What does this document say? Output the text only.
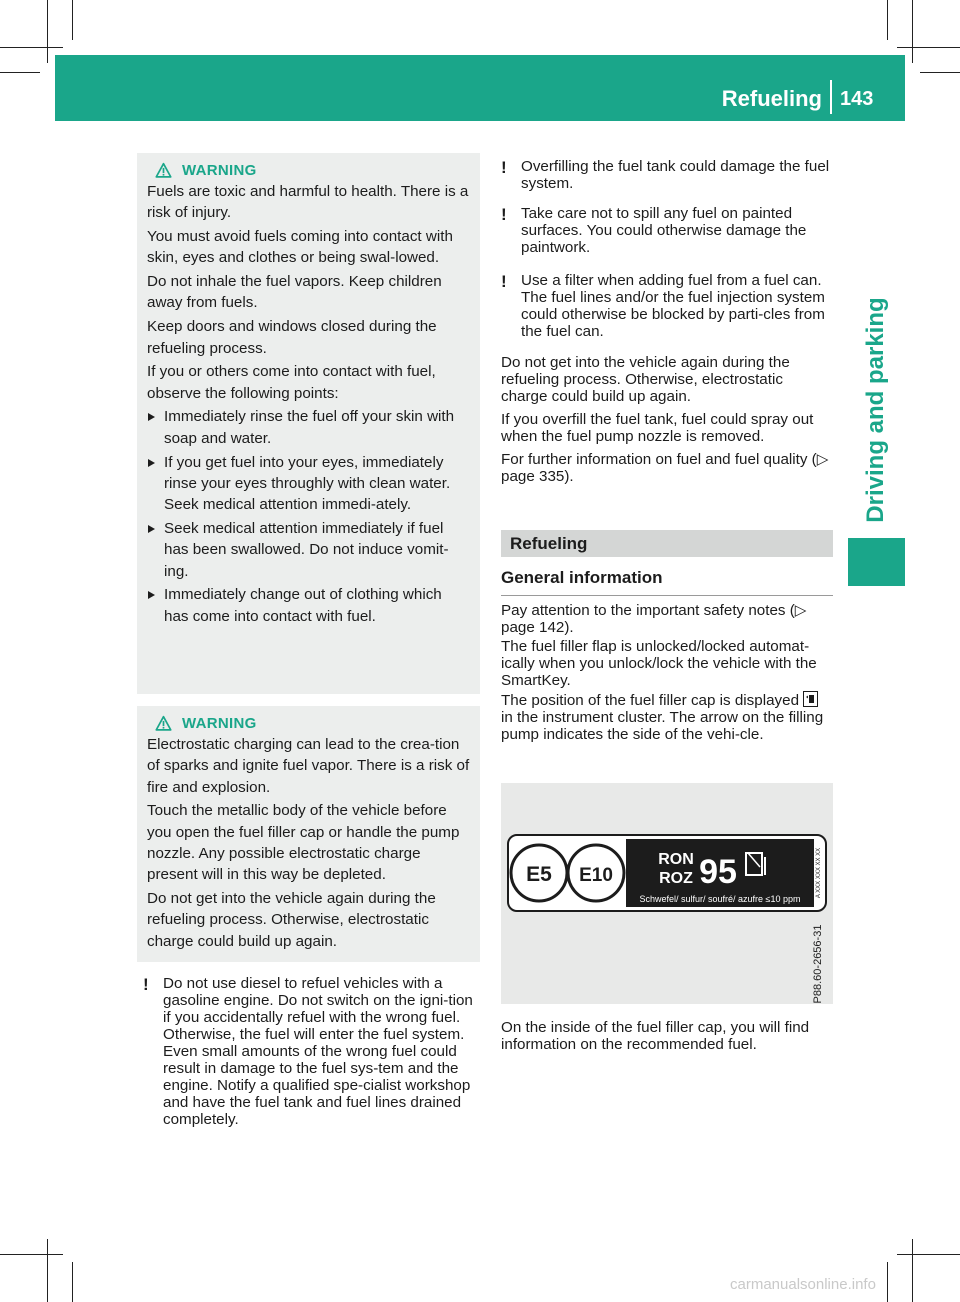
Refueling 143
Driving and parking
WARNING

Fuels are toxic and harmful to health. There is a risk of injury.

You must avoid fuels coming into contact with skin, eyes and clothes or being swal-lowed.

Do not inhale the fuel vapors. Keep children away from fuels.

Keep doors and windows closed during the refueling process.

If you or others come into contact with fuel, observe the following points:

Immediately rinse the fuel off your skin with soap and water.

If you get fuel into your eyes, immediately rinse your eyes throughly with clean water. Seek medical attention immedi-ately.

Seek medical attention immediately if fuel has been swallowed. Do not induce vomit-ing.

Immediately change out of clothing which has come into contact with fuel.

WARNING

Electrostatic charging can lead to the crea-tion of sparks and ignite fuel vapor. There is a risk of fire and explosion.

Touch the metallic body of the vehicle before you open the fuel filler cap or handle the pump nozzle. Any possible electrostatic charge present will in this way be depleted.

Do not get into the vehicle again during the refueling process. Otherwise, electrostatic charge could build up again.

! Do not use diesel to refuel vehicles with a gasoline engine. Do not switch on the igni-tion if you accidentally refuel with the wrong fuel. Otherwise, the fuel will enter the fuel system. Even small amounts of the wrong fuel could result in damage to the fuel sys-tem and the engine. Notify a qualified spe-cialist workshop and have the fuel tank and fuel lines drained completely.

! Overfilling the fuel tank could damage the fuel system.

! Take care not to spill any fuel on painted surfaces. You could otherwise damage the paintwork.

! Use a filter when adding fuel from a fuel can. The fuel lines and/or the fuel injection system could otherwise be blocked by parti-cles from the fuel can.

Do not get into the vehicle again during the refueling process. Otherwise, electrostatic charge could build up again.

If you overfill the fuel tank, fuel could spray out when the fuel pump nozzle is removed.

For further information on fuel and fuel quality (▷ page 335).

Refueling
General information

Pay attention to the important safety notes (▷ page 142).

The fuel filler flap is unlocked/locked automat-ically when you unlock/lock the vehicle with the SmartKey.

The position of the fuel filler cap is displayed
in the instrument cluster. The arrow on the filling pump indicates the side of the vehi-cle.

E5 E10
RON
ROZ 95
Schwefel/ sulfur/ soufré/ azufre ≤10 ppm
A XXX XXX XX XX
P88.60-2656-31

On the inside of the fuel filler cap, you will find information on the recommended fuel.

carmanualsonline.info
